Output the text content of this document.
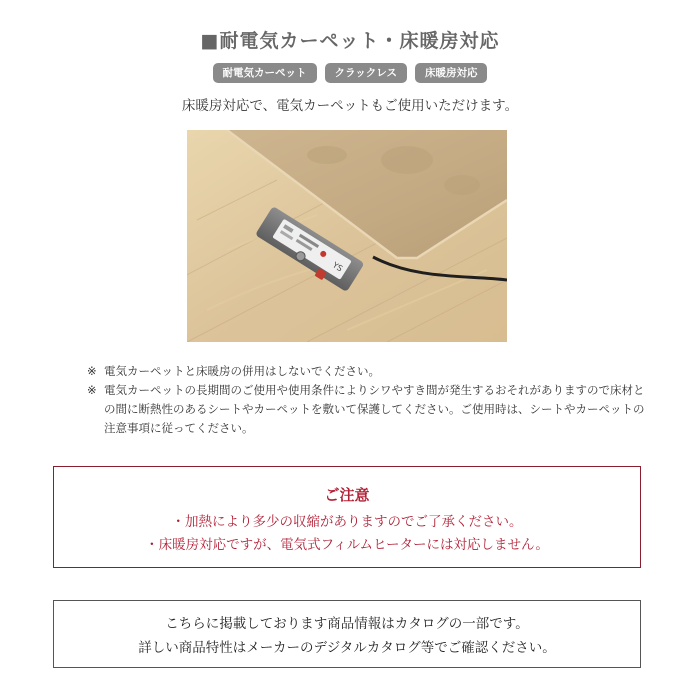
■耐電気カーペット・床暖房対応
耐電気カーペット	クラックレス	床暖房対応
床暖房対応で、電気カーペットもご使用いただけます。
YS
※ 電気カーペットと床暖房の併用はしないでください。
※ 電気カーペットの長期間のご使用や使用条件によりシワやすき間が発生するおそれがありますので床材との間に断熱性のあるシートやカーペットを敷いて保護してください。ご使用時は、シートやカーペットの注意事項に従ってください。
ご注意
・加熱により多少の収縮がありますのでご了承ください。
・床暖房対応ですが、電気式フィルムヒーターには対応しません。
こちらに掲載しております商品情報はカタログの一部です。
詳しい商品特性はメーカーのデジタルカタログ等でご確認ください。
